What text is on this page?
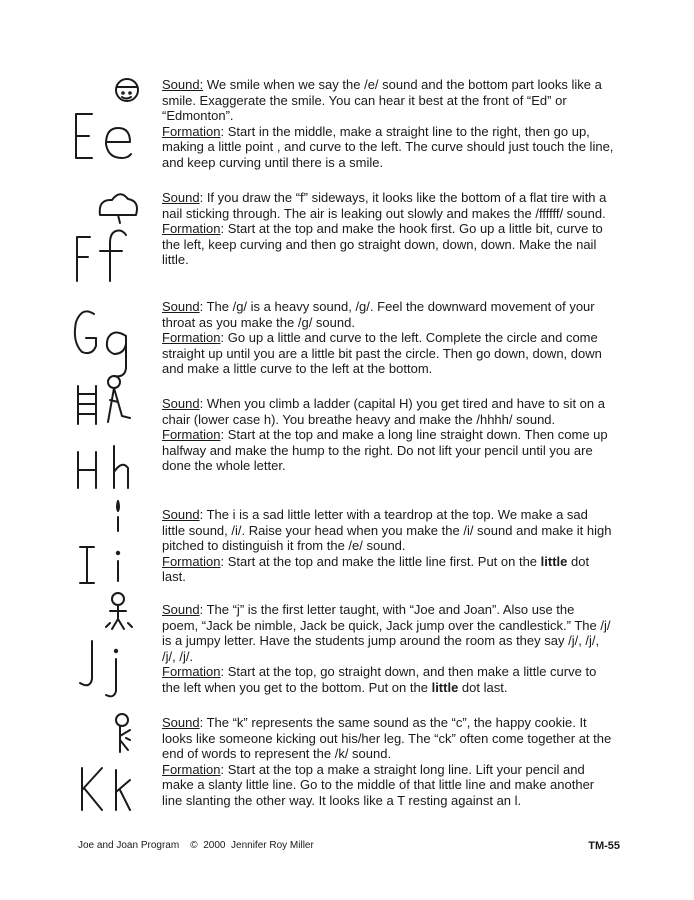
Sound: We smile when we say the /e/ sound and the bottom part looks like a smile. Exaggerate the smile. You can hear it best at the front of “Ed” or “Edmonton”.

Formation: Start in the middle, make a straight line to the right, then go up, making a little point , and curve to the left. The curve should just touch the line, and keep curving until there is a smile.

Sound: If you draw the “f” sideways, it looks like the bottom of a flat tire with a nail sticking through. The air is leaking out slowly and makes the /ffffff/ sound.

Formation: Start at the top and make the hook first. Go up a little bit, curve to the left, keep curving and then go straight down, down, down. Make the nail little.

Sound: The /g/ is a heavy sound, /g/. Feel the downward movement of your throat as you make the /g/ sound.

Formation: Go up a little and curve to the left. Complete the circle and come straight up until you are a little bit past the circle. Then go down, down, down and make a little curve to the left at the bottom.

Sound: When you climb a ladder (capital H) you get tired and have to sit on a chair (lower case h). You breathe heavy and make the /hhhh/ sound.

Formation: Start at the top and make a long line straight down. Then come up halfway and make the hump to the right. Do not lift your pencil until you are done the whole letter.

Sound: The i is a sad little letter with a teardrop at the top. We make a sad little sound, /i/. Raise your head when you make the /i/ sound and make it high pitched to distinguish it from the /e/ sound.

Formation: Start at the top and make the little line first. Put on the little dot last.

Sound: The “j” is the first letter taught, with “Joe and Joan”. Also use the poem, “Jack be nimble, Jack be quick, Jack jump over the candlestick.” The /j/ is a jumpy letter. Have the students jump around the room as they say /j/, /j/, /j/, /j/.

Formation: Start at the top, go straight down, and then make a little curve to the left when you get to the bottom. Put on the little dot last.

Sound: The “k” represents the same sound as the “c”, the happy cookie. It looks like someone kicking out his/her leg. The “ck” often come together at the end of words to represent the /k/ sound.

Formation: Start at the top a make a straight long line. Lift your pencil and make a slanty little line. Go to the middle of that little line and make another line slanting the other way. It looks like a T resting against an l.

Joe and Joan Program    ©  2000  Jennifer Roy Miller	TM-55
